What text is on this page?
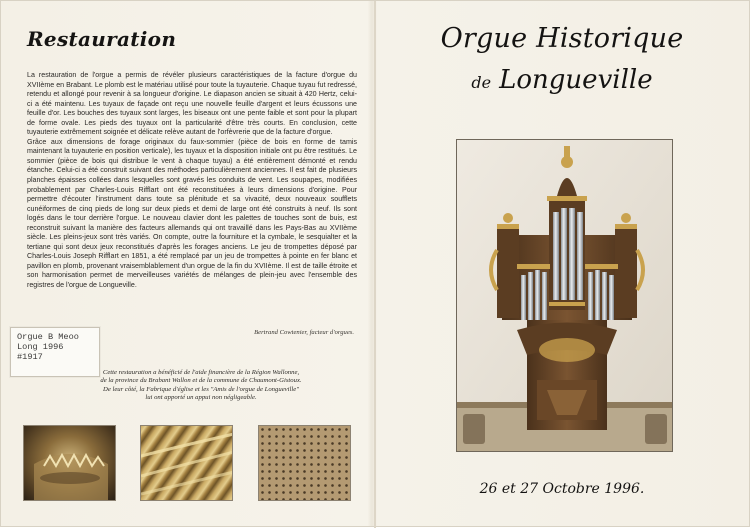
Restauration

La restauration de l'orgue a permis de révéler plusieurs caractéristiques de la facture d'orgue du XVIIème en Brabant. Le plomb est le matériau utilisé pour toute la tuyauterie. Chaque tuyau fut redressé, retendu et allongé pour revenir à sa longueur d'origine. Le diapason ancien se situait à 420 Hertz, celui-ci a été maintenu. Les tuyaux de façade ont reçu une nouvelle feuille d'argent et leurs écussons une feuille d'or. Les bouches des tuyaux sont larges, les biseaux ont une pente faible et sont pour la plupart de forme ovale. Les pieds des tuyaux ont la particularité d'être très courts. En conclusion, cette tuyauterie extrêmement soignée et délicate relève autant de l'orfèvrerie que de la facture d'orgue.

Grâce aux dimensions de forage originaux du faux-sommier (pièce de bois en forme de tamis maintenant la tuyauterie en position verticale), les tuyaux et la disposition initiale ont pu être restitués. Le sommier (pièce de bois qui distribue le vent à chaque tuyau) a été entièrement démonté et rendu étanche. Celui-ci a été construit suivant des méthodes particulièrement anciennes. Il est fait de plusieurs planches épaisses collées dans lesquelles sont gravés les conduits de vent. Les soupapes, modifiées probablement par Charles-Louis Rifflart ont été reconstituées à leurs dimensions d'origine. Pour permettre d'écouter l'instrument dans toute sa plénitude et sa vivacité, deux nouveaux soufflets cunéiformes de cinq pieds de long sur deux pieds et demi de large ont été construits à neuf. Ils sont logés dans le tour derrière l'orgue. Le nouveau clavier dont les palettes de touches sont de buis, est reconstruit suivant la manière des facteurs allemands qui ont travaillé dans les Pays-Bas au XVIIème siècle. Les pleins-jeux sont très variés. On compte, outre la fourniture et la cymbale, le sesquialter et la tertiane qui sont deux jeux reconstitués d'après les forages anciens. Le jeu de trompettes déposé par Charles-Louis Joseph Rifflart en 1851, a été remplacé par un jeu de trompettes à pointe en fer blanc et pavillon en plomb, provenant vraisemblablement d'un orgue de la fin du XVIIème. Il est de taille étroite et son harmonisation permet de merveilleuses variétés de mélanges de plein-jeu avec l'ensemble des registres de l'orgue de Longueville.

Bertrand Cowtenier, facteur d'orgues.
Orgue B Meoo
Long 1996
#1917
Cette restauration a bénéficié de l'aide financière de la Région Wallonne,
de la province du Brabant Wallon et de la commune de Chaumont-Gistoux.
De leur côté, la Fabrique d'église et les "Amis de l'orgue de Longueville"
lui ont apporté un appui non négligeable.
Orgue Historique
de Longueville
26 et 27 Octobre 1996.
